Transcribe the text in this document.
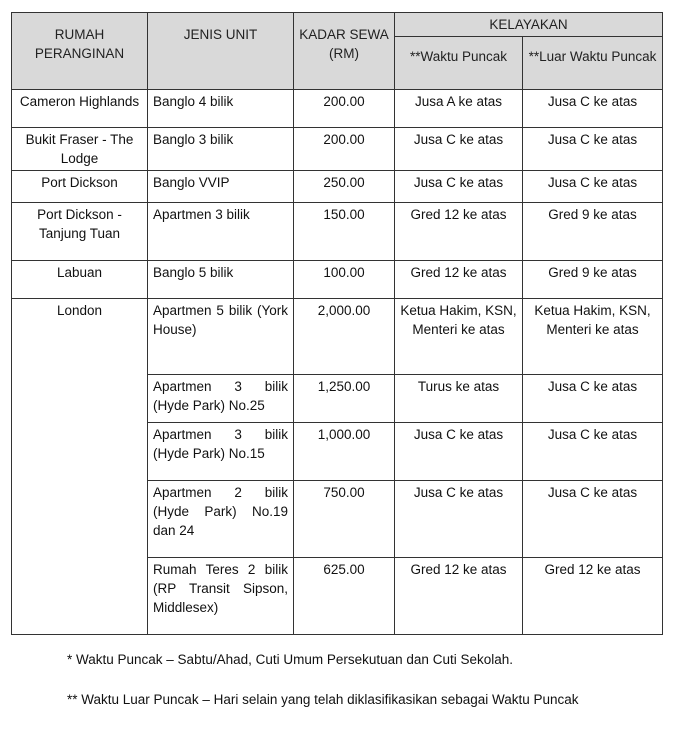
RUMAH PERANGINAN	JENIS UNIT	KADAR SEWA (RM)	KELAYAKAN	
			**Waktu Puncak	**Luar Waktu Puncak
Cameron Highlands	Banglo 4 bilik	200.00	Jusa A ke atas	Jusa C ke atas
Bukit Fraser - The Lodge	Banglo 3 bilik	200.00	Jusa C ke atas	Jusa C ke atas
Port Dickson	Banglo VVIP	250.00	Jusa C ke atas	Jusa C ke atas
Port Dickson - Tanjung Tuan	Apartmen 3 bilik	150.00	Gred 12 ke atas	Gred 9 ke atas
Labuan	Banglo 5 bilik	100.00	Gred 12 ke atas	Gred 9 ke atas
London	Apartmen 5 bilik (York House)	2,000.00	Ketua Hakim, KSN, Menteri ke atas	Ketua Hakim, KSN, Menteri ke atas
	Apartmen 3 bilik (Hyde Park) No.25	1,250.00	Turus ke atas	Jusa C ke atas
	Apartmen 3 bilik (Hyde Park) No.15	1,000.00	Jusa C ke atas	Jusa C ke atas
	Apartmen 2 bilik (Hyde Park) No.19 dan 24	750.00	Jusa C ke atas	Jusa C ke atas
	Rumah Teres 2 bilik (RP Transit Sipson, Middlesex)	625.00	Gred 12 ke atas	Gred 12 ke atas
* Waktu Puncak – Sabtu/Ahad, Cuti Umum Persekutuan dan Cuti Sekolah.
** Waktu Luar Puncak – Hari selain yang telah diklasifikasikan sebagai Waktu Puncak
